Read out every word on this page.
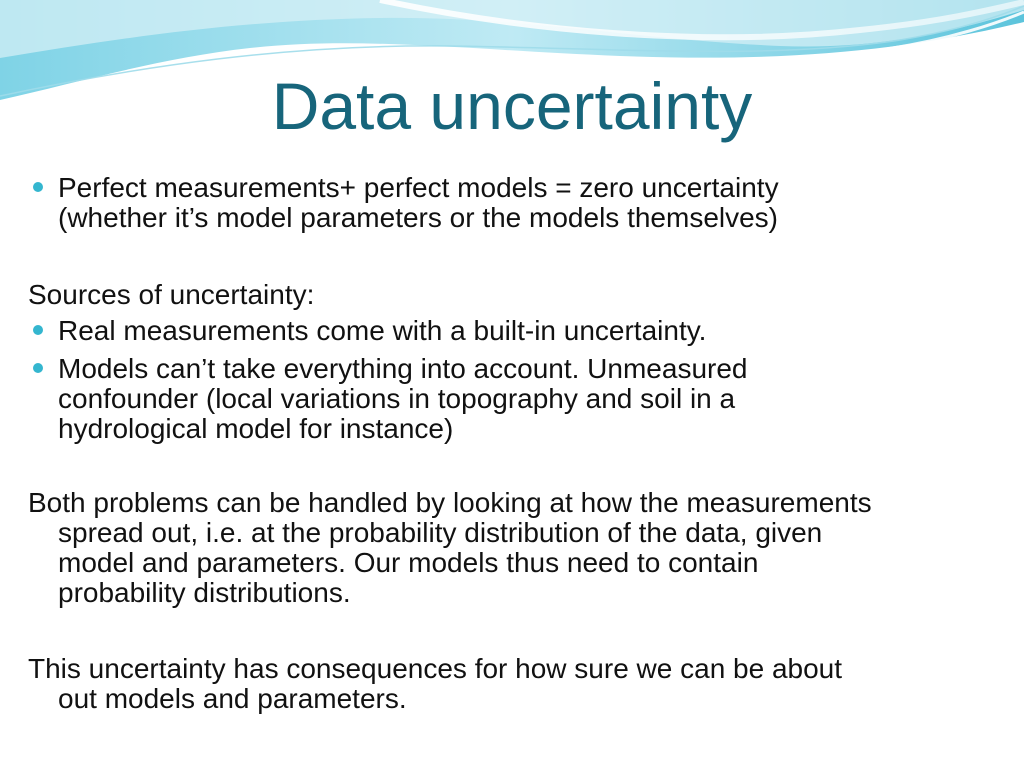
Data uncertainty

Perfect measurements+ perfect models = zero uncertainty
(whether it’s model parameters or the models themselves)

Sources of uncertainty:

Real measurements come with a built-in uncertainty.

Models can’t take everything into account. Unmeasured
confounder (local variations in topography and soil in a
hydrological model for instance)

Both problems can be handled by looking at how the measurements
spread out, i.e. at the probability distribution of the data, given
model and parameters. Our models thus need to contain
probability distributions.

This uncertainty has consequences for how sure we can be about
out models and parameters.
